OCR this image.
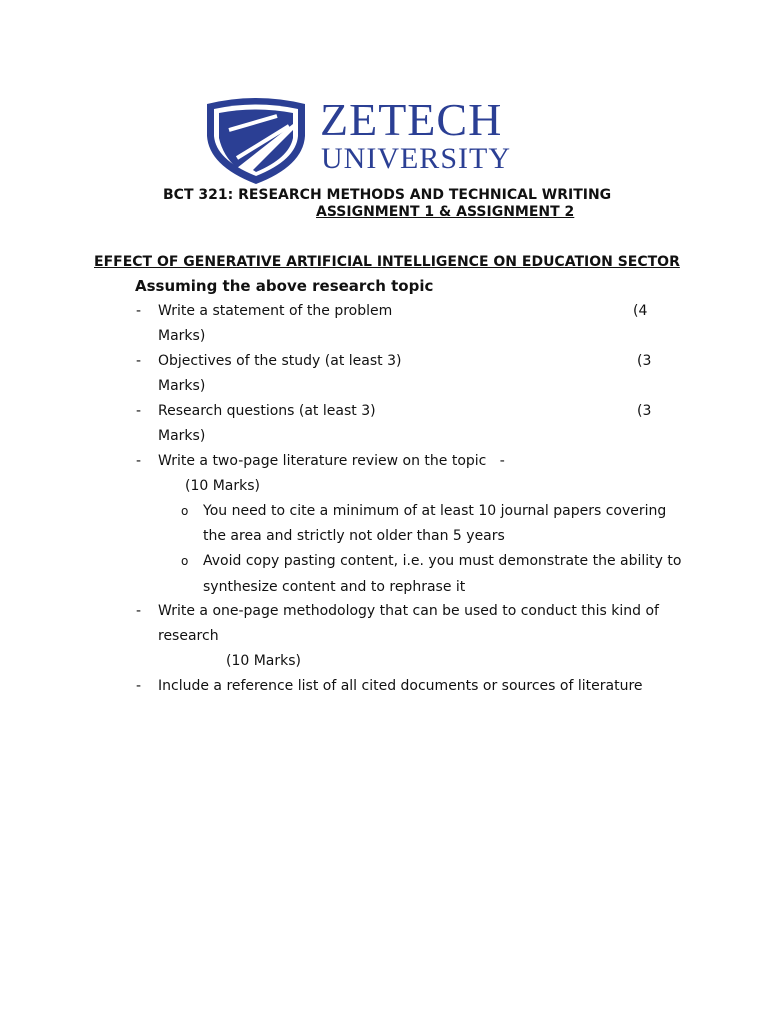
ZETECH
UNIVERSITY
BCT 321: RESEARCH METHODS AND TECHNICAL WRITING
ASSIGNMENT 1 & ASSIGNMENT 2
EFFECT OF GENERATIVE ARTIFICIAL INTELLIGENCE ON EDUCATION SECTOR
Assuming the above research topic
- Write a statement of the problem	(4
Marks)
- Objectives of the study (at least 3)	(3
Marks)
- Research questions (at least 3)	(3
Marks)
- Write a two-page literature review on the topic   -
(10 Marks)
o You need to cite a minimum of at least 10 journal papers covering
the area and strictly not older than 5 years
o Avoid copy pasting content, i.e. you must demonstrate the ability to
synthesize content and to rephrase it
- Write a one-page methodology that can be used to conduct this kind of
research
(10 Marks)
- Include a reference list of all cited documents or sources of literature
